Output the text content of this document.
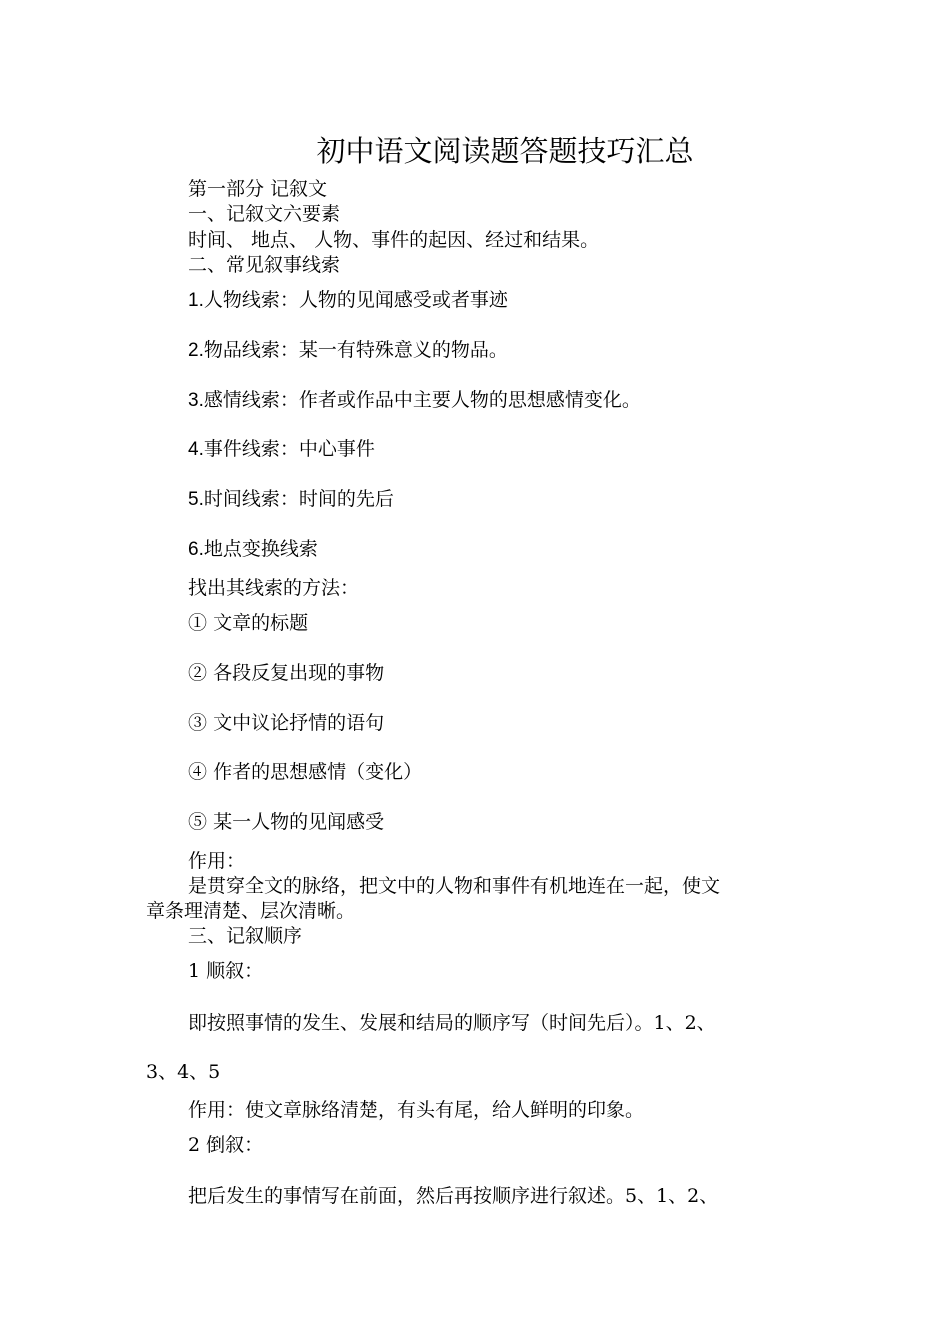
初中语文阅读题答题技巧汇总
第一部分 记叙文
一、记叙文六要素
时间、 地点、 人物、事件的起因、经过和结果。
二、常见叙事线索
1.人物线索：人物的见闻感受或者事迹
2.物品线索：某一有特殊意义的物品。
3.感情线索：作者或作品中主要人物的思想感情变化。
4.事件线索：中心事件
5.时间线索：时间的先后
6.地点变换线索
找出其线索的方法：
① 文章的标题
② 各段反复出现的事物
③ 文中议论抒情的语句
④ 作者的思想感情（变化）
⑤ 某一人物的见闻感受
作用：
是贯穿全文的脉络，把文中的人物和事件有机地连在一起，使文
章条理清楚、层次清晰。
三、记叙顺序
1 顺叙：
即按照事情的发生、发展和结局的顺序写（时间先后）。1、2、
3、4、5
作用：使文章脉络清楚，有头有尾，给人鲜明的印象。
2 倒叙：
把后发生的事情写在前面，然后再按顺序进行叙述。5、1、2、
